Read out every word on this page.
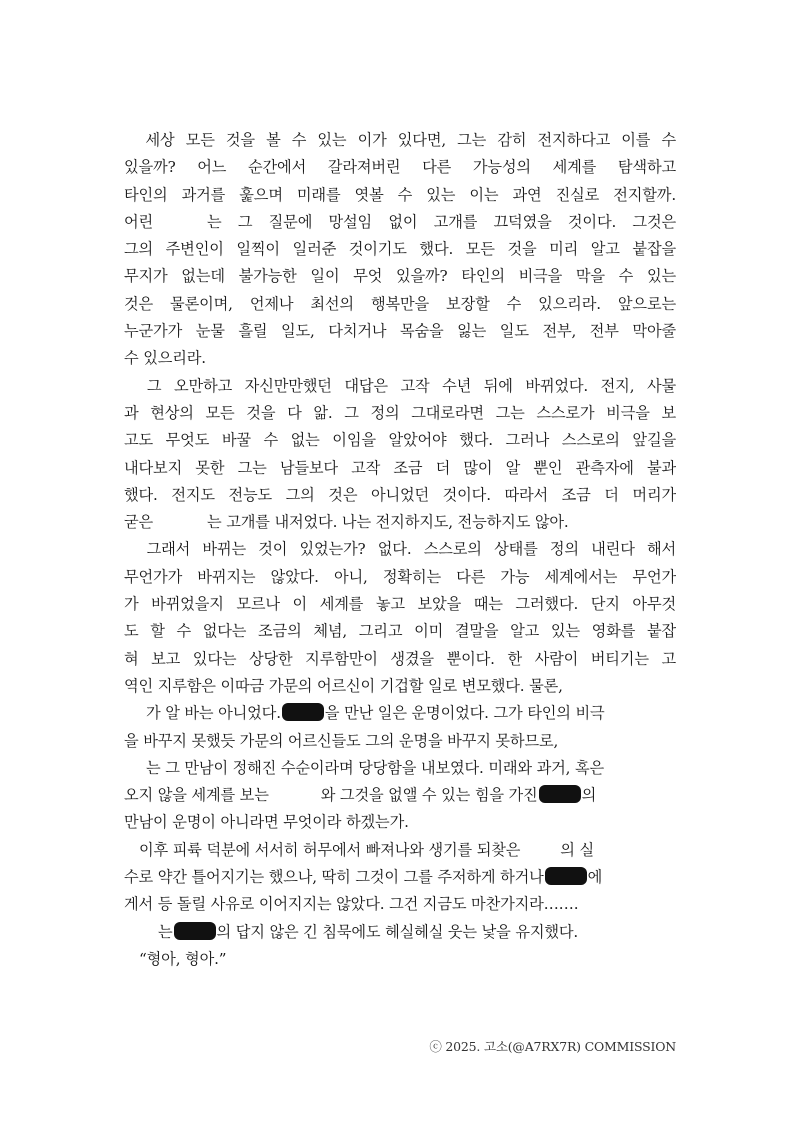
　세상 모든 것을 볼 수 있는 이가 있다면, 그는 감히 전지하다고 이를 수
있을까? 어느 순간에서 갈라져버린 다른 가능성의 세계를 탐색하고
타인의 과거를 훑으며 미래를 엿볼 수 있는 이는 과연 진실로 전지할까.
어린	는 그 질문에 망설임 없이 고개를 끄덕였을 것이다. 그것은
그의 주변인이 일찍이 일러준 것이기도 했다. 모든 것을 미리 알고 붙잡을
무지가 없는데 불가능한 일이 무엇 있을까? 타인의 비극을 막을 수 있는
것은 물론이며, 언제나 최선의 행복만을 보장할 수 있으리라. 앞으로는
누군가가 눈물 흘릴 일도, 다치거나 목숨을 잃는 일도 전부, 전부 막아줄
수 있으리라.
　그 오만하고 자신만만했던 대답은 고작 수년 뒤에 바뀌었다. 전지, 사물
과 현상의 모든 것을 다 앎. 그 정의 그대로라면 그는 스스로가 비극을 보
고도 무엇도 바꿀 수 없는 이임을 알았어야 했다. 그러나 스스로의 앞길을
내다보지 못한 그는 남들보다 고작 조금 더 많이 알 뿐인 관측자에 불과
했다. 전지도 전능도 그의 것은 아니었던 것이다. 따라서 조금 더 머리가
굳은	는 고개를 내저었다. 나는 전지하지도, 전능하지도 않아.
　그래서 바뀌는 것이 있었는가? 없다. 스스로의 상태를 정의 내린다 해서
무언가가 바뀌지는 않았다. 아니, 정확히는 다른 가능 세계에서는 무언가
가 바뀌었을지 모르나 이 세계를 놓고 보았을 때는 그러했다. 단지 아무것
도 할 수 없다는 조금의 체념, 그리고 이미 결말을 알고 있는 영화를 붙잡
혀 보고 있다는 상당한 지루함만이 생겼을 뿐이다. 한 사람이 버티기는 고
역인 지루함은 이따금 가문의 어르신이 기겁할 일로 변모했다. 물론,
가 알 바는 아니었다.	을 만난 일은 운명이었다. 그가 타인의 비극
을 바꾸지 못했듯 가문의 어르신들도 그의 운명을 바꾸지 못하므로,
는 그 만남이 정해진 수순이라며 당당함을 내보였다. 미래와 과거, 혹은
오지 않을 세계를 보는	와 그것을 없앨 수 있는 힘을 가진	의
만남이 운명이 아니라면 무엇이라 하겠는가.
　이후 피륙 덕분에 서서히 허무에서 빠져나와 생기를 되찾은	의 실
수로 약간 틀어지기는 했으나, 딱히 그것이 그를 주저하게 하거나	에
게서 등 돌릴 사유로 이어지지는 않았다. 그건 지금도 마찬가지라…….
는	의 답지 않은 긴 침묵에도 헤실헤실 웃는 낯을 유지했다.
　“형아, 형아.”
ⓒ 2025. 고소(@A7RX7R) COMMISSION
